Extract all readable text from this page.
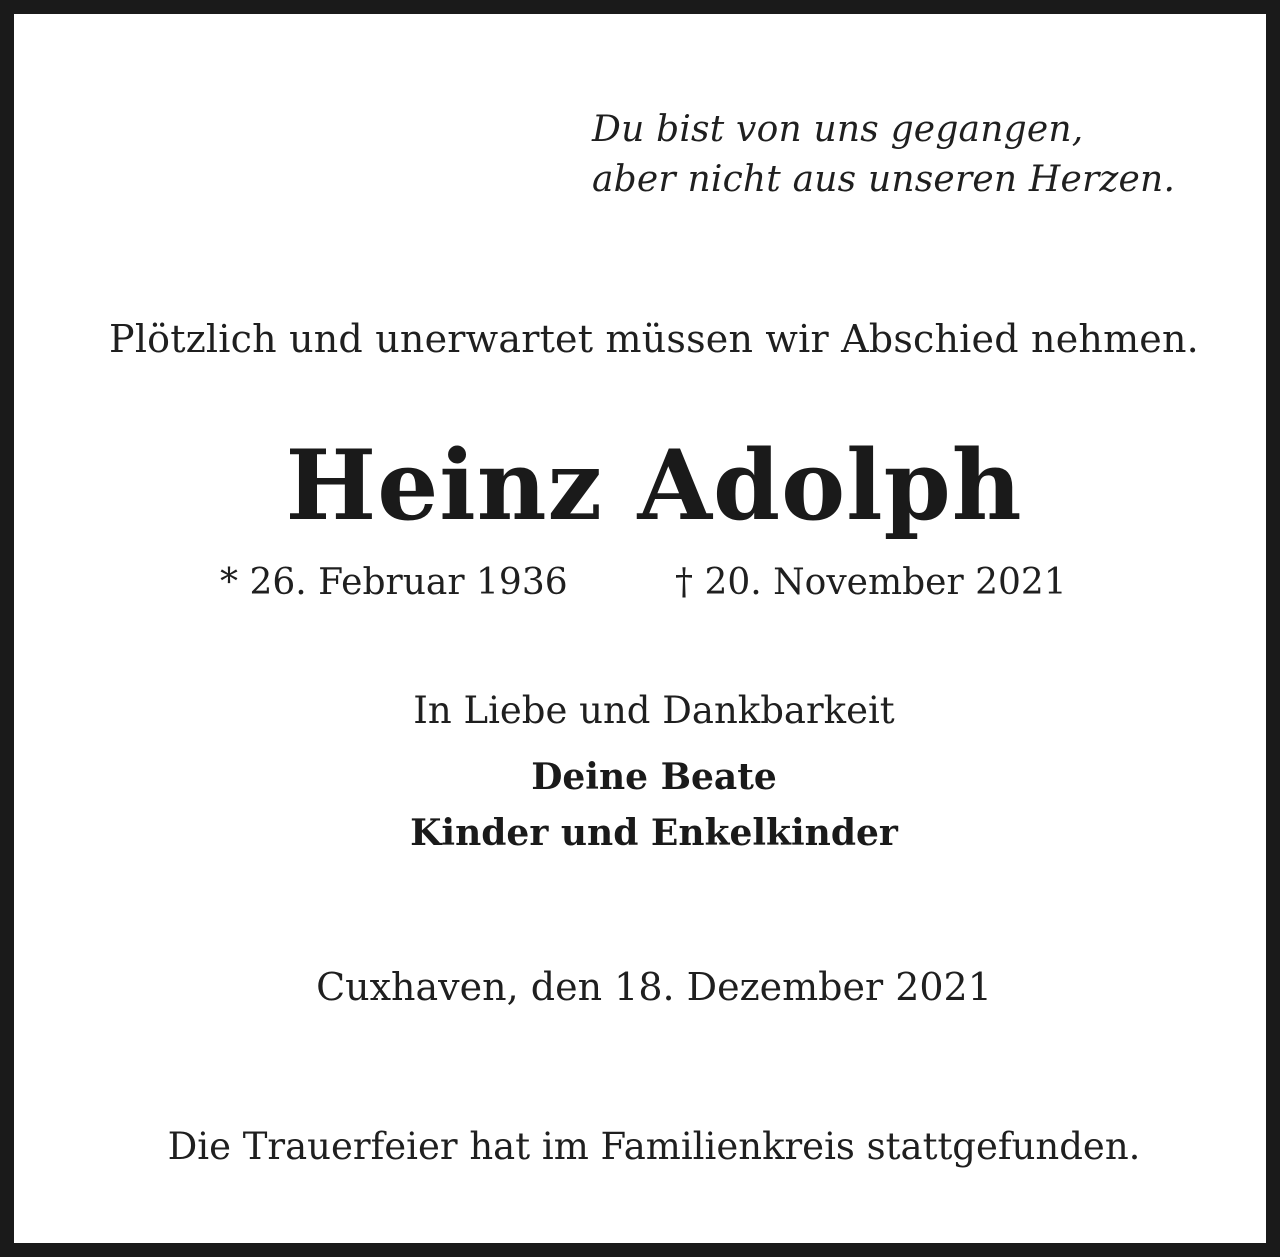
Du bist von uns gegangen,
aber nicht aus unseren Herzen.
Plötzlich und unerwartet müssen wir Abschied nehmen.
Heinz Adolph
* 26. Februar 1936	† 20. November 2021
In Liebe und Dankbarkeit
Deine Beate
Kinder und Enkelkinder
Cuxhaven, den 18. Dezember 2021
Die Trauerfeier hat im Familienkreis stattgefunden.
